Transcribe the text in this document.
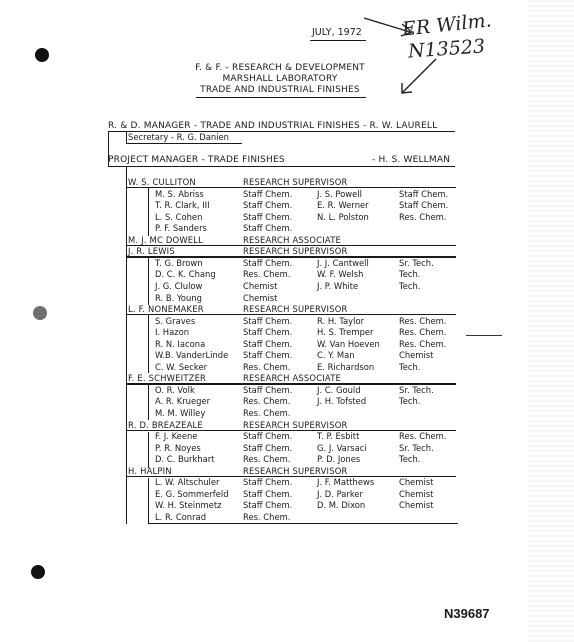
JULY, 1972 ER Wilm.
N13523
F. & F. - RESEARCH & DEVELOPMENT
MARSHALL LABORATORY
TRADE AND INDUSTRIAL FINISHES
R. & D. MANAGER - TRADE AND INDUSTRIAL FINISHES - R. W. LAURELL
Secretary - R. G. Danien
PROJECT MANAGER - TRADE FINISHES	- H. S. WELLMAN
W. S. CULLITON	RESEARCH SUPERVISOR
M. S. Abriss	Staff Chem.	J. S. Powell	Staff Chem.
T. R. Clark, III	Staff Chem.	E. R. Werner	Staff Chem.
L. S. Cohen	Staff Chem.	N. L. Polston	Res. Chem.
P. F. Sanders	Staff Chem.
M. J. MC DOWELL	RESEARCH ASSOCIATE
J. R. LEWIS	RESEARCH SUPERVISOR
T. G. Brown	Staff Chem.	J. J. Cantwell	Sr. Tech.
D. C. K. Chang	Res. Chem.	W. F. Welsh	Tech.
J. G. Clulow	Chemist	J. P. White	Tech.
R. B. Young	Chemist
L. F. NONEMAKER	RESEARCH SUPERVISOR
S. Graves	Staff Chem.	R. H. Taylor	Res. Chem.
I. Hazon	Staff Chem.	H. S. Tremper	Res. Chem.
R. N. Iacona	Staff Chem.	W. Van Hoeven Res. Chem.
W.B. VanderLinde Staff Chem.	C. Y. Man	Chemist
C. W. Secker	Res. Chem.	E. Richardson	Tech.
F. E. SCHWEITZER	RESEARCH ASSOCIATE
O. R. Volk	Staff Chem.	J. C. Gould	Sr. Tech.
A. R. Krueger	Res. Chem.	J. H. Tofsted	Tech.
M. M. Willey	Res. Chem.
R. D. BREAZEALE	RESEARCH SUPERVISOR
F. J. Keene	Staff Chem.	T. P. Esbitt	Res. Chem.
P. R. Noyes	Staff Chem.	G. J. Varsaci	Sr. Tech.
D. C. Burkhart	Res. Chem.	P. D. Jones	Tech.
H. HALPIN	RESEARCH SUPERVISOR
L. W. Altschuler	Staff Chem.	J. F. Matthews	Chemist
E. G. Sommerfeld Staff Chem.	J. D. Parker	Chemist
W. H. Steinmetz	Staff Chem.	D. M. Dixon	Chemist
L. R. Conrad	Res. Chem.
N39687
